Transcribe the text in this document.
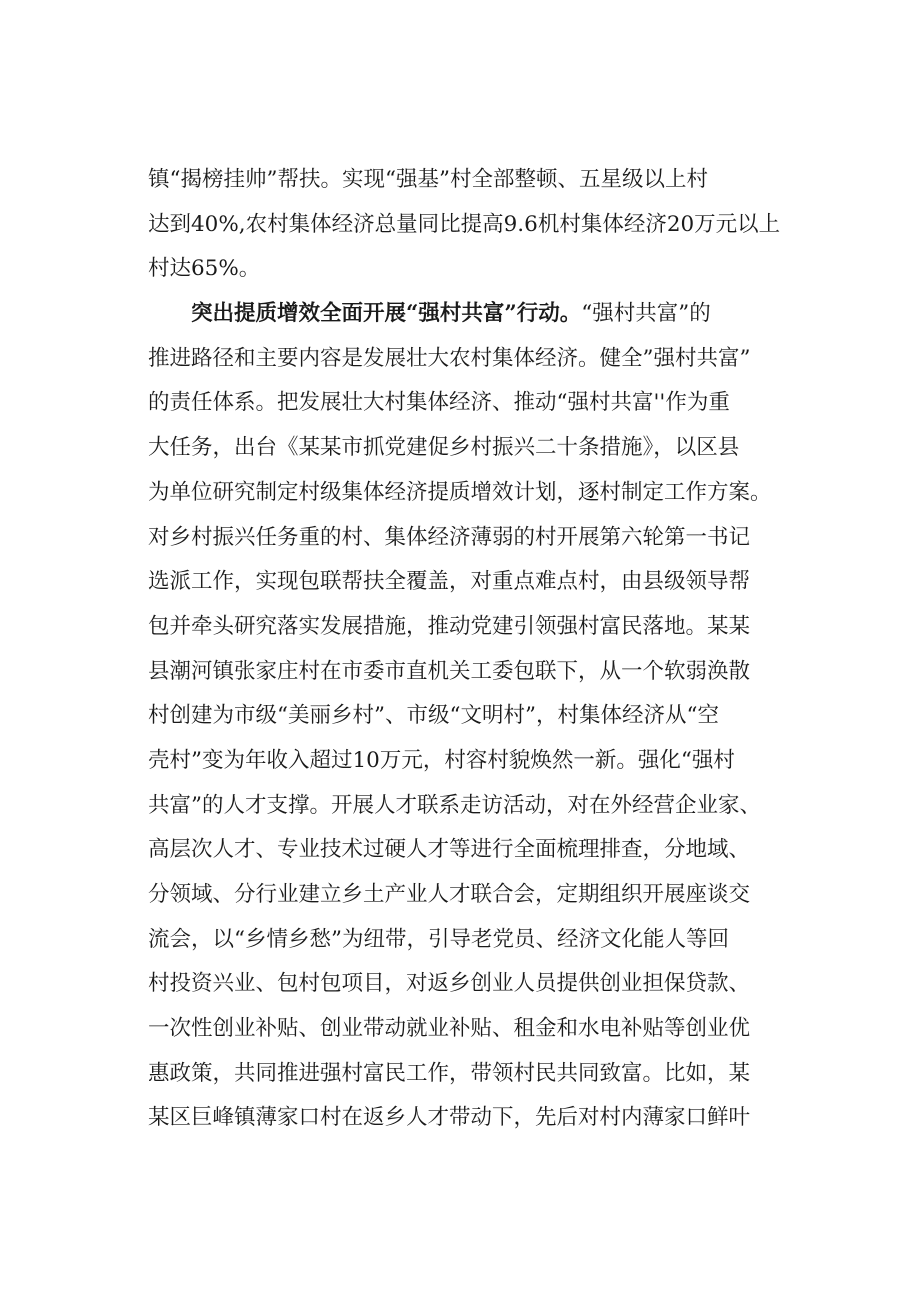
镇“揭榜挂帅”帮扶。实现“强基”村全部整顿、五星级以上村
达到40%,农村集体经济总量同比提高9.6机村集体经济20万元以上
村达65%。
突出提质增效全面开展“强村共富”行动。“强村共富”的
推进路径和主要内容是发展壮大农村集体经济。健全”强村共富”
的责任体系。把发展壮大村集体经济、推动“强村共富''作为重
大任务，出台《某某市抓党建促乡村振兴二十条措施》，以区县
为单位研究制定村级集体经济提质增效计划，逐村制定工作方案。
对乡村振兴任务重的村、集体经济薄弱的村开展第六轮第一书记
选派工作，实现包联帮扶全覆盖，对重点难点村，由县级领导帮
包并牵头研究落实发展措施，推动党建引领强村富民落地。某某
县潮河镇张家庄村在市委市直机关工委包联下，从一个软弱涣散
村创建为市级“美丽乡村”、市级“文明村”，村集体经济从“空
壳村”变为年收入超过10万元，村容村貌焕然一新。强化“强村
共富”的人才支撑。开展人才联系走访活动，对在外经营企业家、
高层次人才、专业技术过硬人才等进行全面梳理排查，分地域、
分领域、分行业建立乡土产业人才联合会，定期组织开展座谈交
流会，以“乡情乡愁”为纽带，引导老党员、经济文化能人等回
村投资兴业、包村包项目，对返乡创业人员提供创业担保贷款、
一次性创业补贴、创业带动就业补贴、租金和水电补贴等创业优
惠政策，共同推进强村富民工作，带领村民共同致富。比如，某
某区巨峰镇薄家口村在返乡人才带动下，先后对村内薄家口鲜叶
